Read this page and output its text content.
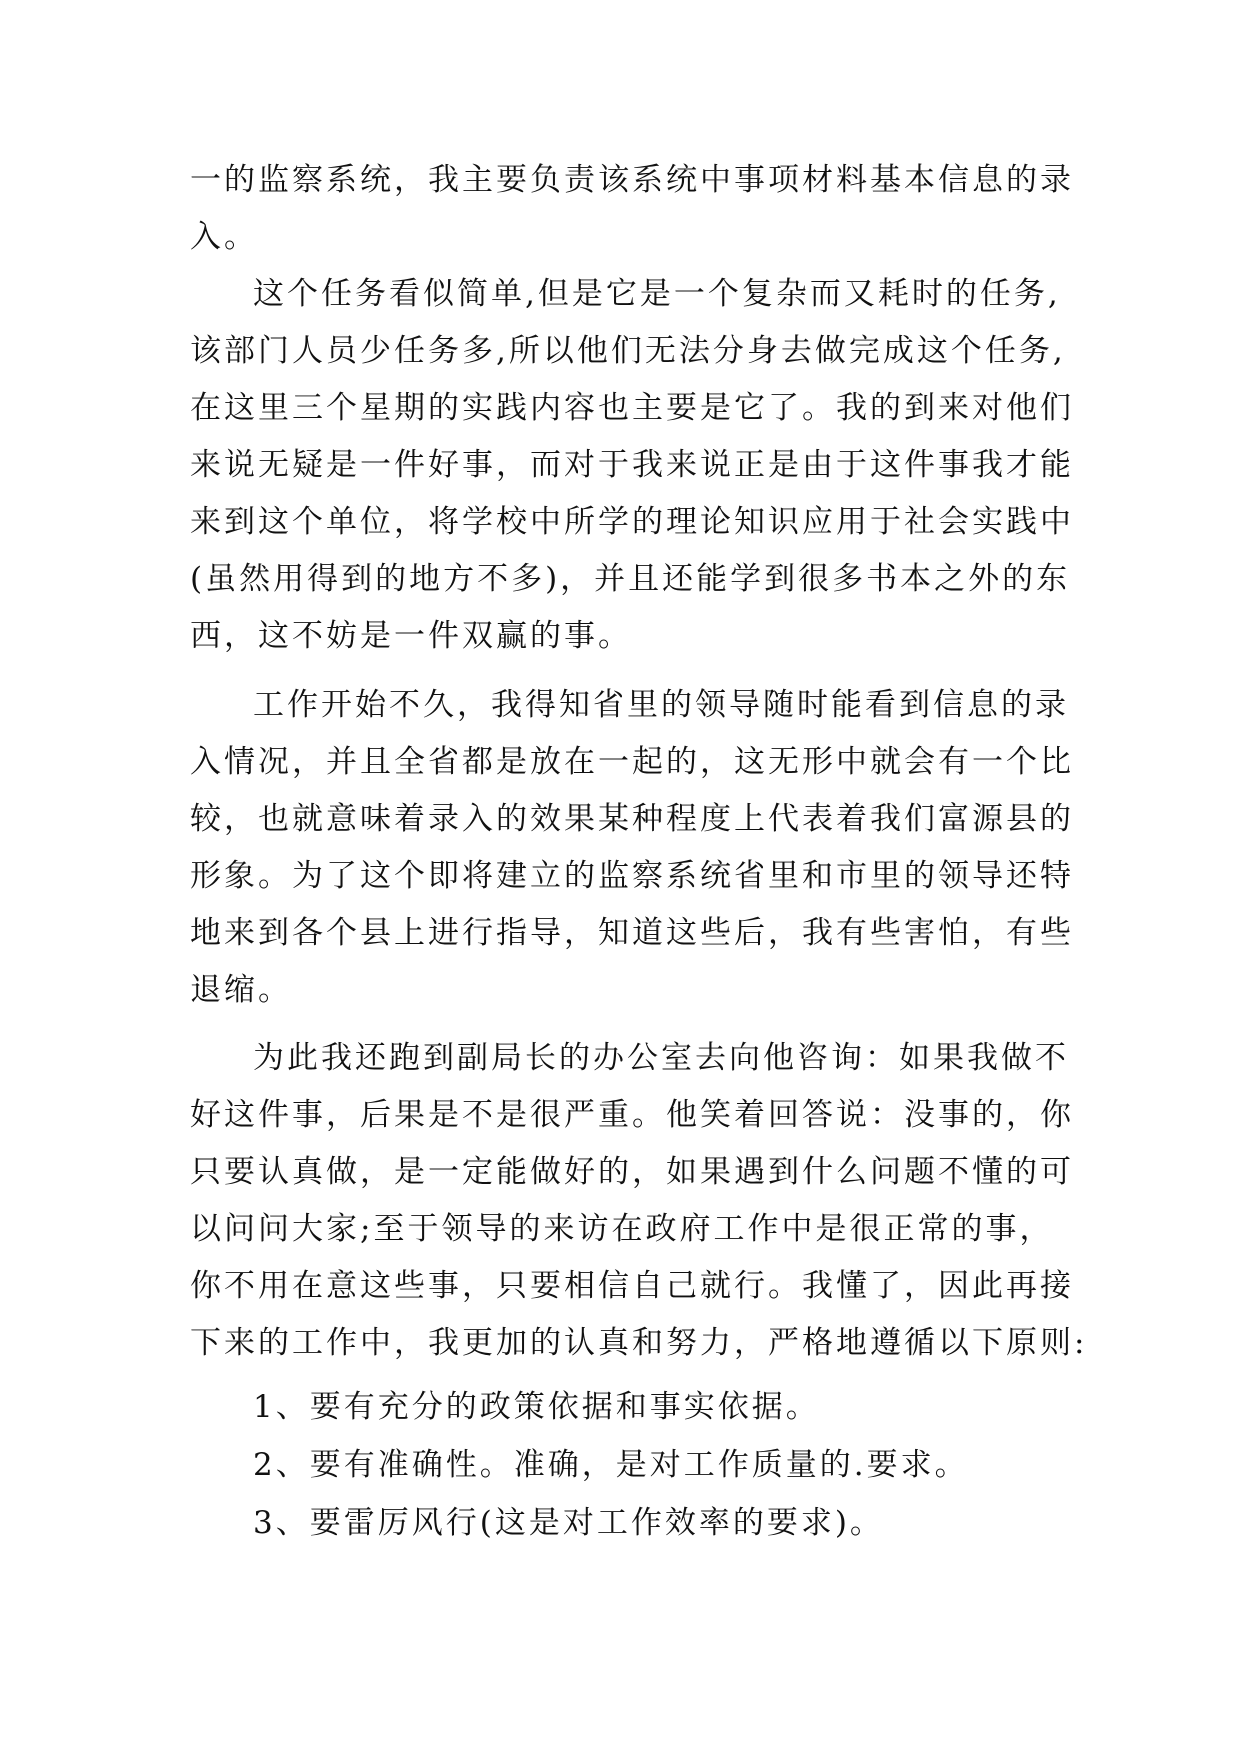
一的监察系统，我主要负责该系统中事项材料基本信息的录
入。
这个任务看似简单,但是它是一个复杂而又耗时的任务,
该部门人员少任务多,所以他们无法分身去做完成这个任务,
在这里三个星期的实践内容也主要是它了。我的到来对他们
来说无疑是一件好事，而对于我来说正是由于这件事我才能
来到这个单位，将学校中所学的理论知识应用于社会实践中
(虽然用得到的地方不多)，并且还能学到很多书本之外的东
西，这不妨是一件双赢的事。
工作开始不久，我得知省里的领导随时能看到信息的录
入情况，并且全省都是放在一起的，这无形中就会有一个比
较，也就意味着录入的效果某种程度上代表着我们富源县的
形象。为了这个即将建立的监察系统省里和市里的领导还特
地来到各个县上进行指导，知道这些后，我有些害怕，有些
退缩。
为此我还跑到副局长的办公室去向他咨询：如果我做不
好这件事，后果是不是很严重。他笑着回答说：没事的，你
只要认真做，是一定能做好的，如果遇到什么问题不懂的可
以问问大家;至于领导的来访在政府工作中是很正常的事，
你不用在意这些事，只要相信自己就行。我懂了，因此再接
下来的工作中，我更加的认真和努力，严格地遵循以下原则:
1、要有充分的政策依据和事实依据。
2、要有准确性。准确，是对工作质量的.要求。
3、要雷厉风行(这是对工作效率的要求)。
